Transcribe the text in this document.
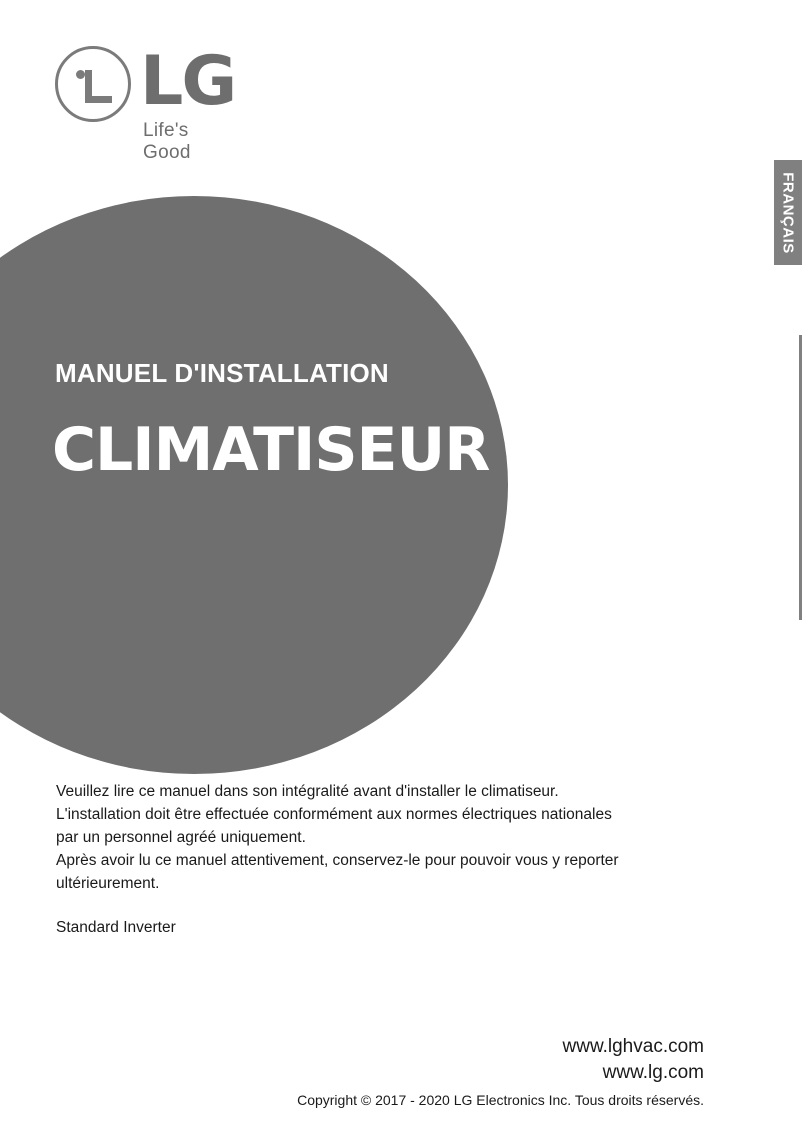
LG
Life's Good
FRANÇAIS
MANUEL D'INSTALLATION
CLIMATISEUR

Veuillez lire ce manuel dans son intégralité avant d'installer le climatiseur.

L'installation doit être effectuée conformément aux normes électriques nationales

par un personnel agréé uniquement.

Après avoir lu ce manuel attentivement, conservez-le pour pouvoir vous y reporter

ultérieurement.

Standard Inverter
www.lghvac.com
www.lg.com
Copyright © 2017 - 2020 LG Electronics Inc. Tous droits réservés.
